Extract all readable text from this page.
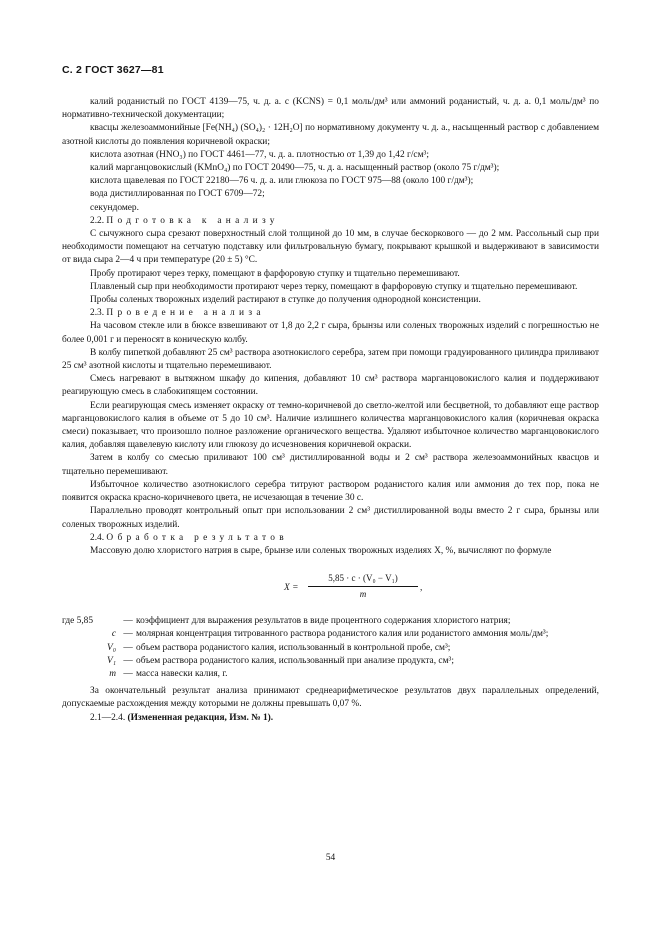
С. 2 ГОСТ 3627—81

калий роданистый по ГОСТ 4139—75, ч. д. а. с (KCNS) = 0,1 моль/дм³ или аммоний роданистый, ч. д. а. 0,1 моль/дм³ по нормативно-технической документации;

квасцы железоаммонийные [Fe(NH₄) (SO₄)₂ · 12H₂O] по нормативному документу ч. д. а., насыщенный раствор с добавлением азотной кислоты до появления коричневой окраски;

кислота азотная (HNO₃) по ГОСТ 4461—77, ч. д. а. плотностью от 1,39 до 1,42 г/см³;

калий марганцовокислый (KMnO₄) по ГОСТ 20490—75, ч. д. а. насыщенный раствор (около 75 г/дм³);

кислота щавелевая по ГОСТ 22180—76 ч. д. а. или глюкоза по ГОСТ 975—88 (около 100 г/дм³);

вода дистиллированная по ГОСТ 6709—72;

секундомер.

2.2. Подготовка к анализу

С сычужного сыра срезают поверхностный слой толщиной до 10 мм, в случае бескоркового — до 2 мм. Рассольный сыр при необходимости помещают на сетчатую подставку или фильтровальную бумагу, покрывают крышкой и выдерживают в зависимости от вида сыра 2—4 ч при температуре (20 ± 5) °С.

Пробу протирают через терку, помещают в фарфоровую ступку и тщательно перемешивают.

Плавленый сыр при необходимости протирают через терку, помещают в фарфоровую ступку и тщательно перемешивают.

Пробы соленых творожных изделий растирают в ступке до получения однородной консистенции.

2.3. Проведение анализа

На часовом стекле или в бюксе взвешивают от 1,8 до 2,2 г сыра, брынзы или соленых творожных изделий с погрешностью не более 0,001 г и переносят в коническую колбу.

В колбу пипеткой добавляют 25 см³ раствора азотнокислого серебра, затем при помощи градуированного цилиндра приливают 25 см³ азотной кислоты и тщательно перемешивают.

Смесь нагревают в вытяжном шкафу до кипения, добавляют 10 см³ раствора марганцовокислого калия и поддерживают реагирующую смесь в слабокипящем состоянии.

Если реагирующая смесь изменяет окраску от темно-коричневой до светло-желтой или бесцветной, то добавляют еще раствор марганцовокислого калия в объеме от 5 до 10 см³. Наличие излишнего количества марганцовокислого калия (коричневая окраска смеси) показывает, что произошло полное разложение органического вещества. Удаляют избыточное количество марганцовокислого калия, добавляя щавелевую кислоту или глюкозу до исчезновения коричневой окраски.

Затем в колбу со смесью приливают 100 см³ дистиллированной воды и 2 см³ раствора железоаммонийных квасцов и тщательно перемешивают.

Избыточное количество азотнокислого серебра титруют раствором роданистого калия или аммония до тех пор, пока не появится окраска красно-коричневого цвета, не исчезающая в течение 30 с.

Параллельно проводят контрольный опыт при использовании 2 см³ дистиллированной воды вместо 2 г сыра, брынзы или соленых творожных изделий.

2.4. Обработка результатов

Массовую долю хлористого натрия в сыре, брынзе или соленых творожных изделиях X, %, вычисляют по формуле

$X = \frac{\text{5,85 · c · (V₀ − V₁)}}{m}$ ,
где 5,85	— коэффициент для выражения результатов в виде процентного содержания хлористого натрия;
c — молярная концентрация титрованного раствора роданистого калия или роданистого аммония моль/дм³;
V₀ — объем раствора роданистого калия, использованный в контрольной пробе, см³;
V₁ — объем раствора роданистого калия, использованный при анализе продукта, см³;
m — масса навески калия, г.

За окончательный результат анализа принимают среднеарифметическое результатов двух параллельных определений, допускаемые расхождения между которыми не должны превышать 0,07 %.

2.1—2.4. (Измененная редакция, Изм. № 1).

54
